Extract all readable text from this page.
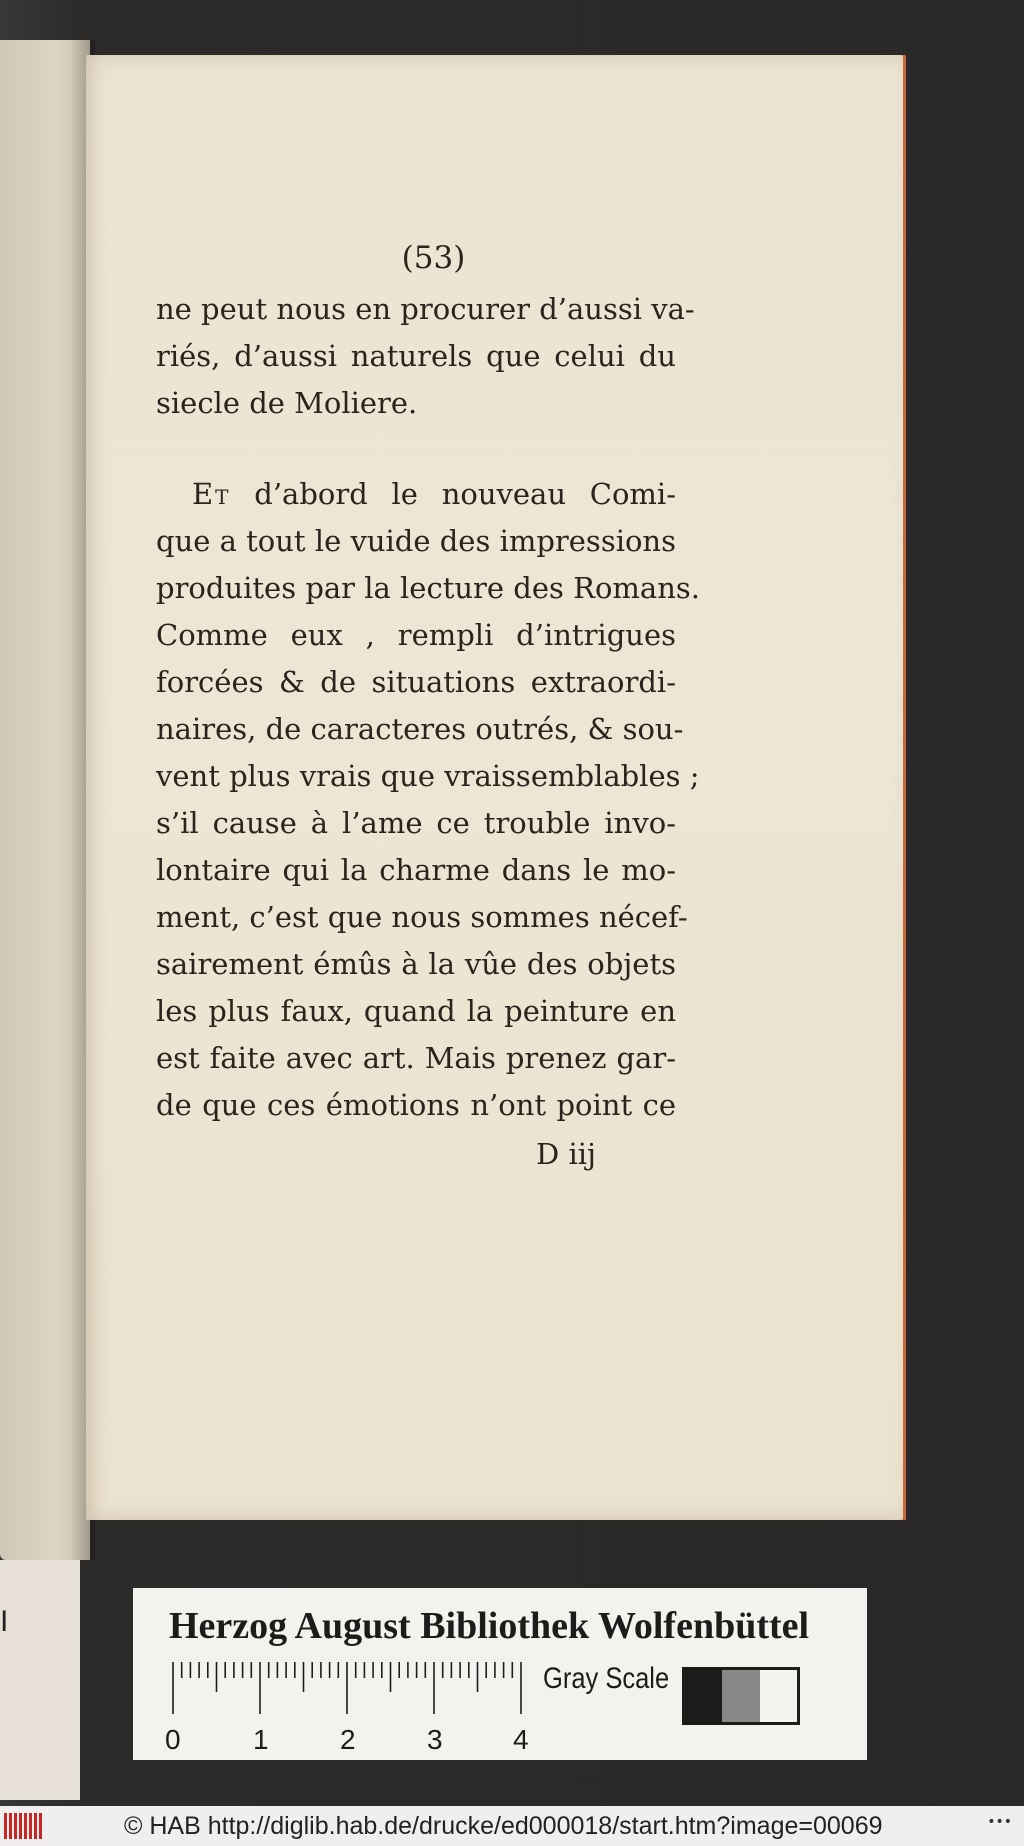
I
(53)
ne peut nous en procurer d’aussi va-
riés, d’aussi naturels que celui du
siecle de Moliere.
Et d’abord le nouveau Comi-
que a tout le vuide des impressions
produites par la lecture des Romans.
Comme eux , rempli d’intrigues
forcées & de situations extraordi-
naires, de caracteres outrés, & sou-
vent plus vrais que vraissemblables ;
s’il cause à l’ame ce trouble invo-
lontaire qui la charme dans le mo-
ment, c’est que nous sommes nécef-
sairement émûs à la vûe des objets
les plus faux, quand la peinture en
est faite avec art. Mais prenez gar-
de que ces émotions n’ont point ce
D iij
Herzog August Bibliothek Wolfenbüttel
0	1	2	3	4
Gray Scale
© HAB http://diglib.hab.de/drucke/ed000018/start.htm?image=00069	•••
